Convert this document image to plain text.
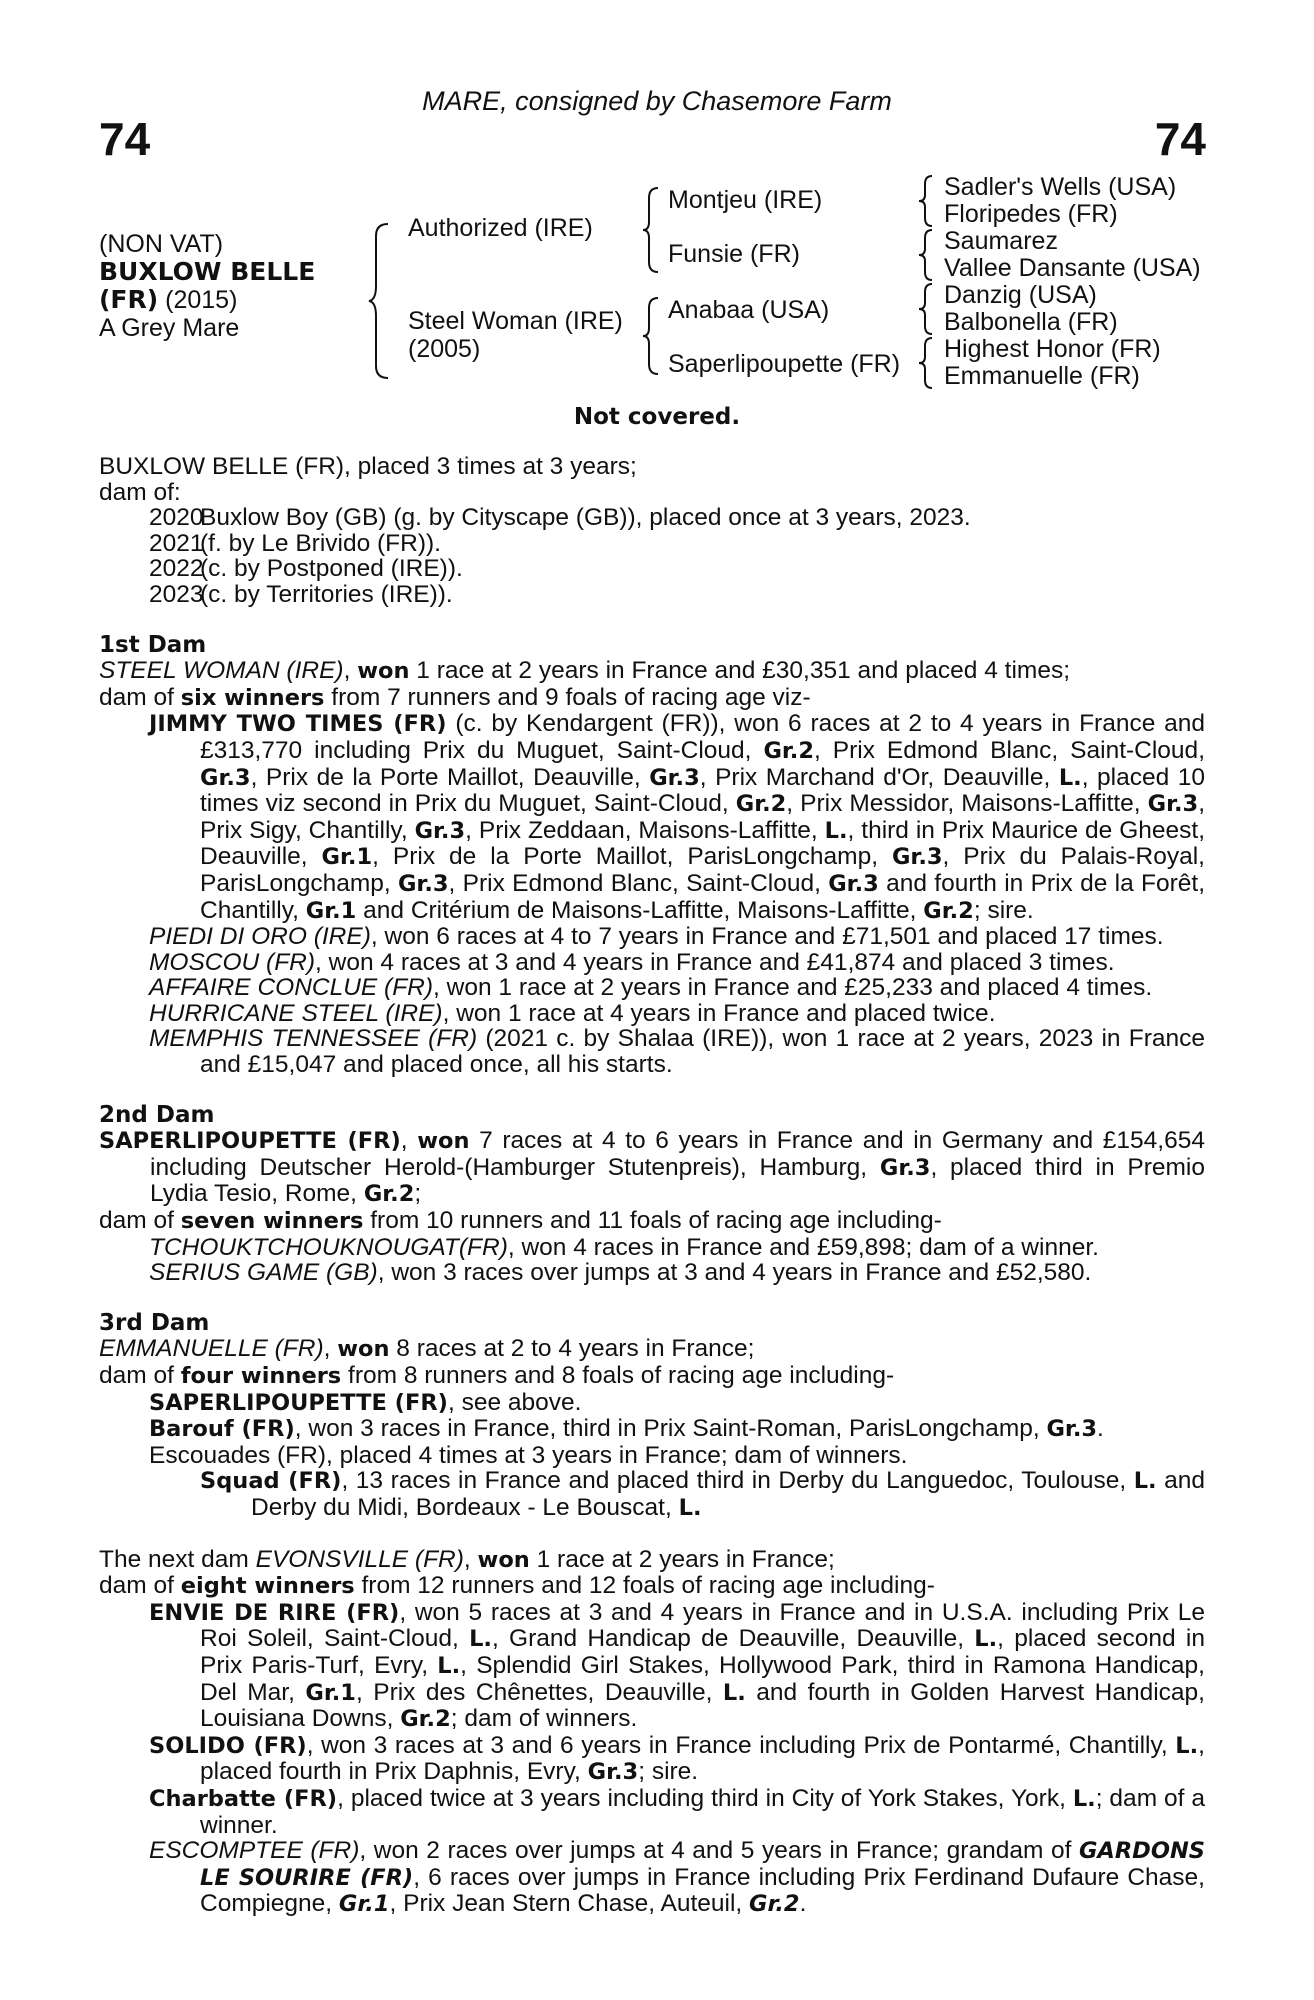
MARE, consigned by Chasemore Farm
74	74
(NON VAT)
BUXLOW BELLE
(FR) (2015)
A Grey Mare
Authorized (IRE)
Steel Woman (IRE)
(2005)
Montjeu (IRE)
Funsie (FR)
Anabaa (USA)
Saperlipoupette (FR)
Sadler's Wells (USA)
Floripedes (FR)
Saumarez
Vallee Dansante (USA)
Danzig (USA)
Balbonella (FR)
Highest Honor (FR)
Emmanuelle (FR)
Not covered.

BUXLOW BELLE (FR), placed 3 times at 3 years;

dam of:

2020
Buxlow Boy (GB) (g. by Cityscape (GB)), placed once at 3 years, 2023.
2021
(f. by Le Brivido (FR)).
2022
(c. by Postponed (IRE)).
2023
(c. by Territories (IRE)).

1st Dam

STEEL WOMAN (IRE), won 1 race at 2 years in France and £30,351 and placed 4 times;

dam of six winners from 7 runners and 9 foals of racing age viz-

JIMMY TWO TIMES (FR) (c. by Kendargent (FR)), won 6 races at 2 to 4 years in France and £313,770 including Prix du Muguet, Saint-Cloud, Gr.2, Prix Edmond Blanc, Saint-Cloud, Gr.3, Prix de la Porte Maillot, Deauville, Gr.3, Prix Marchand d'Or, Deauville, L., placed 10 times viz second in Prix du Muguet, Saint-Cloud, Gr.2, Prix Messidor, Maisons-Laffitte, Gr.3, Prix Sigy, Chantilly, Gr.3, Prix Zeddaan, Maisons-Laffitte, L., third in Prix Maurice de Gheest, Deauville, Gr.1, Prix de la Porte Maillot, ParisLongchamp, Gr.3, Prix du Palais-Royal, ParisLongchamp, Gr.3, Prix Edmond Blanc, Saint-Cloud, Gr.3 and fourth in Prix de la Forêt, Chantilly, Gr.1 and Critérium de Maisons-Laffitte, Maisons-Laffitte, Gr.2; sire.

PIEDI DI ORO (IRE), won 6 races at 4 to 7 years in France and £71,501 and placed 17 times.

MOSCOU (FR), won 4 races at 3 and 4 years in France and £41,874 and placed 3 times.

AFFAIRE CONCLUE (FR), won 1 race at 2 years in France and £25,233 and placed 4 times.

HURRICANE STEEL (IRE), won 1 race at 4 years in France and placed twice.

MEMPHIS TENNESSEE (FR) (2021 c. by Shalaa (IRE)), won 1 race at 2 years, 2023 in France and £15,047 and placed once, all his starts.

2nd Dam

SAPERLIPOUPETTE (FR), won 7 races at 4 to 6 years in France and in Germany and £154,654 including Deutscher Herold-(Hamburger Stutenpreis), Hamburg, Gr.3, placed third in Premio Lydia Tesio, Rome, Gr.2;

dam of seven winners from 10 runners and 11 foals of racing age including-

TCHOUKTCHOUKNOUGAT(FR), won 4 races in France and £59,898; dam of a winner.

SERIUS GAME (GB), won 3 races over jumps at 3 and 4 years in France and £52,580.

3rd Dam

EMMANUELLE (FR), won 8 races at 2 to 4 years in France;

dam of four winners from 8 runners and 8 foals of racing age including-

SAPERLIPOUPETTE (FR), see above.

Barouf (FR), won 3 races in France, third in Prix Saint-Roman, ParisLongchamp, Gr.3.

Escouades (FR), placed 4 times at 3 years in France; dam of winners.

Squad (FR), 13 races in France and placed third in Derby du Languedoc, Toulouse, L. and Derby du Midi, Bordeaux - Le Bouscat, L.

The next dam EVONSVILLE (FR), won 1 race at 2 years in France;

dam of eight winners from 12 runners and 12 foals of racing age including-

ENVIE DE RIRE (FR), won 5 races at 3 and 4 years in France and in U.S.A. including Prix Le Roi Soleil, Saint-Cloud, L., Grand Handicap de Deauville, Deauville, L., placed second in Prix Paris-Turf, Evry, L., Splendid Girl Stakes, Hollywood Park, third in Ramona Handicap, Del Mar, Gr.1, Prix des Chênettes, Deauville, L. and fourth in Golden Harvest Handicap, Louisiana Downs, Gr.2; dam of winners.

SOLIDO (FR), won 3 races at 3 and 6 years in France including Prix de Pontarmé, Chantilly, L., placed fourth in Prix Daphnis, Evry, Gr.3; sire.

Charbatte (FR), placed twice at 3 years including third in City of York Stakes, York, L.; dam of a winner.

ESCOMPTEE (FR), won 2 races over jumps at 4 and 5 years in France; grandam of GARDONS LE SOURIRE (FR), 6 races over jumps in France including Prix Ferdinand Dufaure Chase, Compiegne, Gr.1, Prix Jean Stern Chase, Auteuil, Gr.2.
